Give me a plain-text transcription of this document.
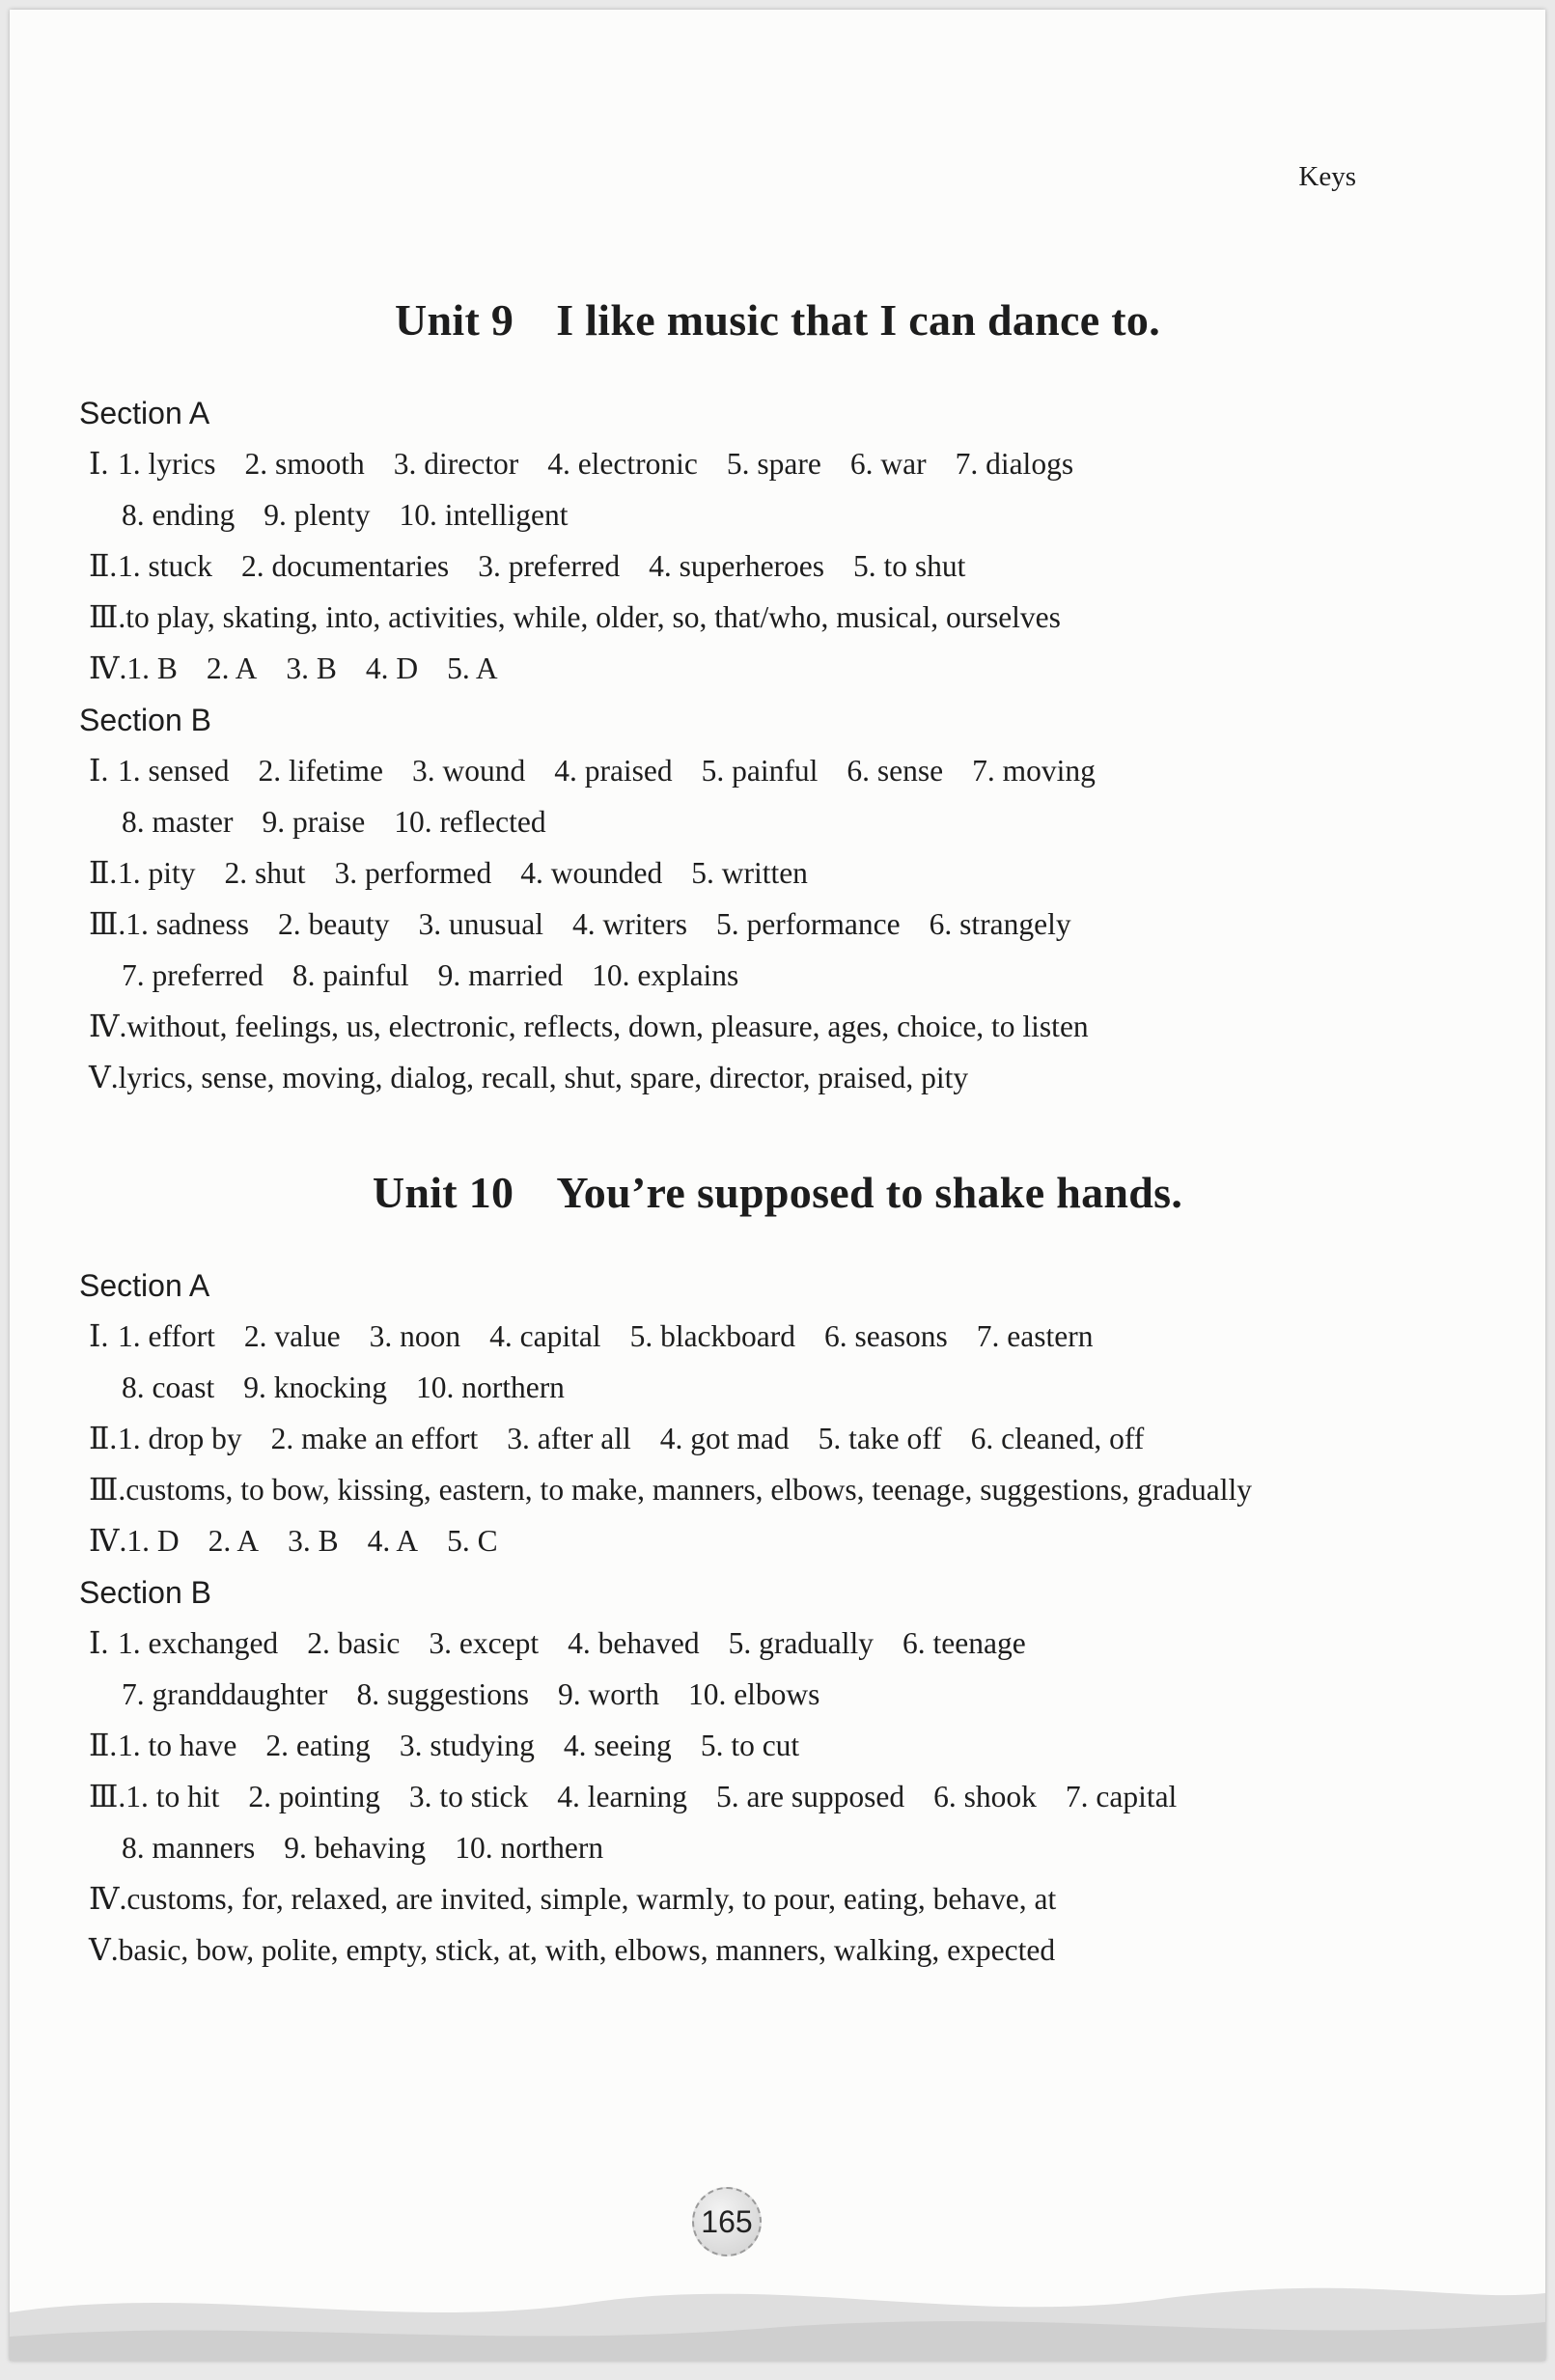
Keys
Unit 9 I like music that I can dance to.
Section A
Ⅰ. 1. lyrics 2. smooth 3. director 4. electronic 5. spare 6. war 7. dialogs
8. ending 9. plenty 10. intelligent
Ⅱ.1. stuck 2. documentaries 3. preferred 4. superheroes 5. to shut
Ⅲ.to play, skating, into, activities, while, older, so, that/who, musical, ourselves
Ⅳ.1. B 2. A 3. B 4. D 5. A
Section B
Ⅰ. 1. sensed 2. lifetime 3. wound 4. praised 5. painful 6. sense 7. moving
8. master 9. praise 10. reflected
Ⅱ.1. pity 2. shut 3. performed 4. wounded 5. written
Ⅲ.1. sadness 2. beauty 3. unusual 4. writers 5. performance 6. strangely
7. preferred 8. painful 9. married 10. explains
Ⅳ.without, feelings, us, electronic, reflects, down, pleasure, ages, choice, to listen
Ⅴ.lyrics, sense, moving, dialog, recall, shut, spare, director, praised, pity
Unit 10 You’re supposed to shake hands.
Section A
Ⅰ. 1. effort 2. value 3. noon 4. capital 5. blackboard 6. seasons 7. eastern
8. coast 9. knocking 10. northern
Ⅱ.1. drop by 2. make an effort 3. after all 4. got mad 5. take off 6. cleaned, off
Ⅲ.customs, to bow, kissing, eastern, to make, manners, elbows, teenage, suggestions, gradually
Ⅳ.1. D 2. A 3. B 4. A 5. C
Section B
Ⅰ. 1. exchanged 2. basic 3. except 4. behaved 5. gradually 6. teenage
7. granddaughter 8. suggestions 9. worth 10. elbows
Ⅱ.1. to have 2. eating 3. studying 4. seeing 5. to cut
Ⅲ.1. to hit 2. pointing 3. to stick 4. learning 5. are supposed 6. shook 7. capital
8. manners 9. behaving 10. northern
Ⅳ.customs, for, relaxed, are invited, simple, warmly, to pour, eating, behave, at
Ⅴ.basic, bow, polite, empty, stick, at, with, elbows, manners, walking, expected
165
